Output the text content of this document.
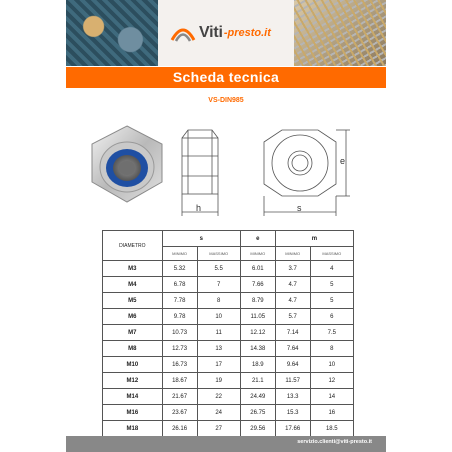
Viti -presto.it
Scheda tecnica
VS-DIN985
h	s
e
DIAMETRO	s		e	m	
	MINIMO	MASSIMO	MINIMO	MINIMO	MASSIMO
M3	5.32	5.5	6.01	3.7	4
M4	6.78	7	7.66	4.7	5
M5	7.78	8	8.79	4.7	5
M6	9.78	10	11.05	5.7	6
M7	10.73	11	12.12	7.14	7.5
M8	12.73	13	14.38	7.64	8
M10	16.73	17	18.9	9.64	10
M12	18.67	19	21.1	11.57	12
M14	21.67	22	24.49	13.3	14
M16	23.67	24	26.75	15.3	16
M18	26.16	27	29.56	17.66	18.5
servizio.clienti@viti-presto.it
